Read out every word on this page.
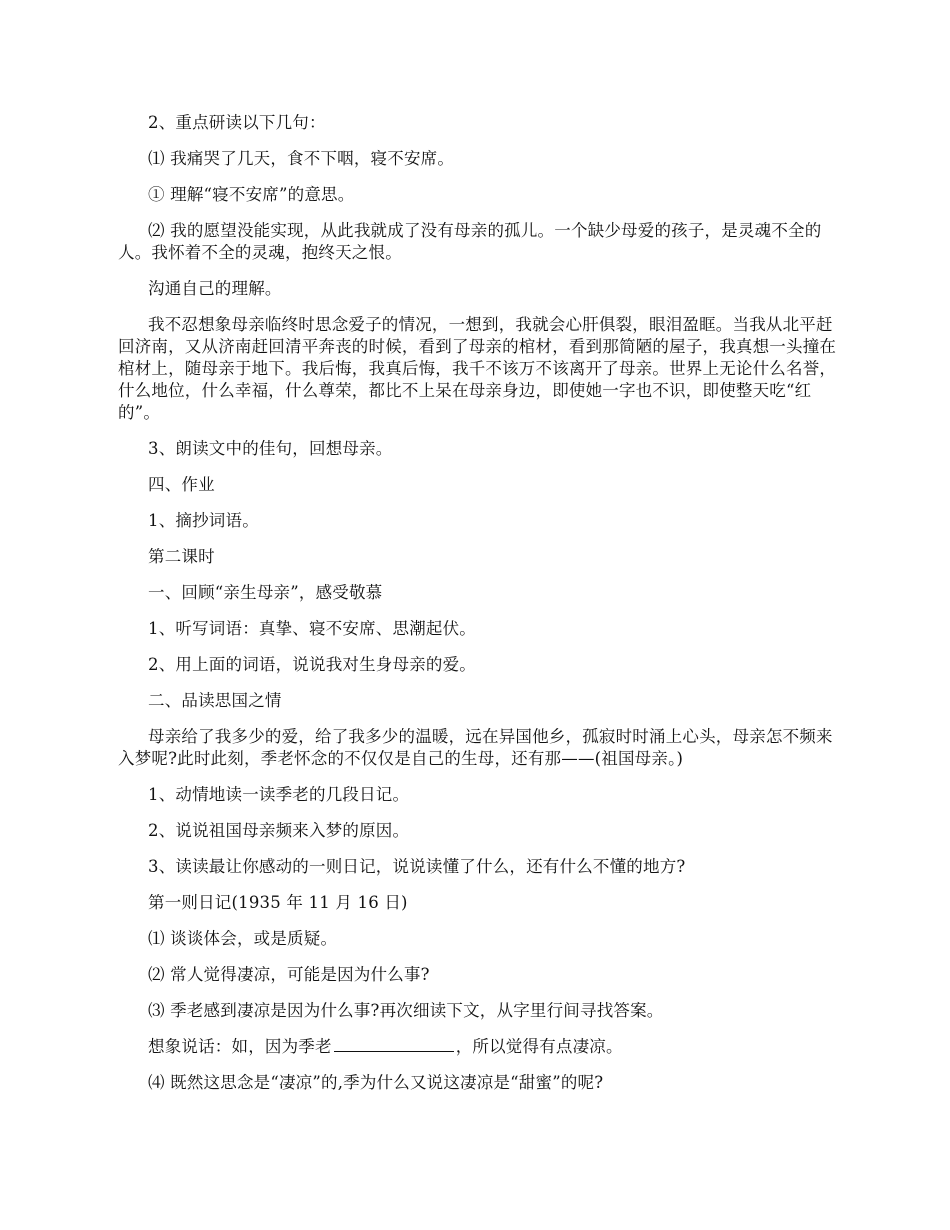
2、重点研读以下几句：

⑴ 我痛哭了几天，食不下咽，寝不安席。

① 理解“寝不安席”的意思。

⑵ 我的愿望没能实现，从此我就成了没有母亲的孤儿。一个缺少母爱的孩子，是灵魂不全的人。我怀着不全的灵魂，抱终天之恨。

沟通自己的理解。

我不忍想象母亲临终时思念爱子的情况，一想到，我就会心肝俱裂，眼泪盈眶。当我从北平赶回济南，又从济南赶回清平奔丧的时候，看到了母亲的棺材，看到那简陋的屋子，我真想一头撞在棺材上，随母亲于地下。我后悔，我真后悔，我千不该万不该离开了母亲。世界上无论什么名誉，什么地位，什么幸福，什么尊荣，都比不上呆在母亲身边，即使她一字也不识，即使整天吃“红的”。

3、朗读文中的佳句，回想母亲。

四、作业

1、摘抄词语。

第二课时

一、回顾“亲生母亲”，感受敬慕

1、听写词语：真挚、寝不安席、思潮起伏。

2、用上面的词语，说说我对生身母亲的爱。

二、品读思国之情

母亲给了我多少的爱，给了我多少的温暖，远在异国他乡，孤寂时时涌上心头，母亲怎不频来入梦呢?此时此刻，季老怀念的不仅仅是自己的生母，还有那——(祖国母亲。)

1、动情地读一读季老的几段日记。

2、说说祖国母亲频来入梦的原因。

3、读读最让你感动的一则日记，说说读懂了什么，还有什么不懂的地方?

第一则日记(1935 年 11 月 16 日)

⑴ 谈谈体会，或是质疑。

⑵ 常人觉得凄凉，可能是因为什么事?

⑶ 季老感到凄凉是因为什么事?再次细读下文，从字里行间寻找答案。

想象说话：如，因为季老	，所以觉得有点凄凉。

⑷ 既然这思念是“凄凉”的,季为什么又说这凄凉是“甜蜜”的呢?
